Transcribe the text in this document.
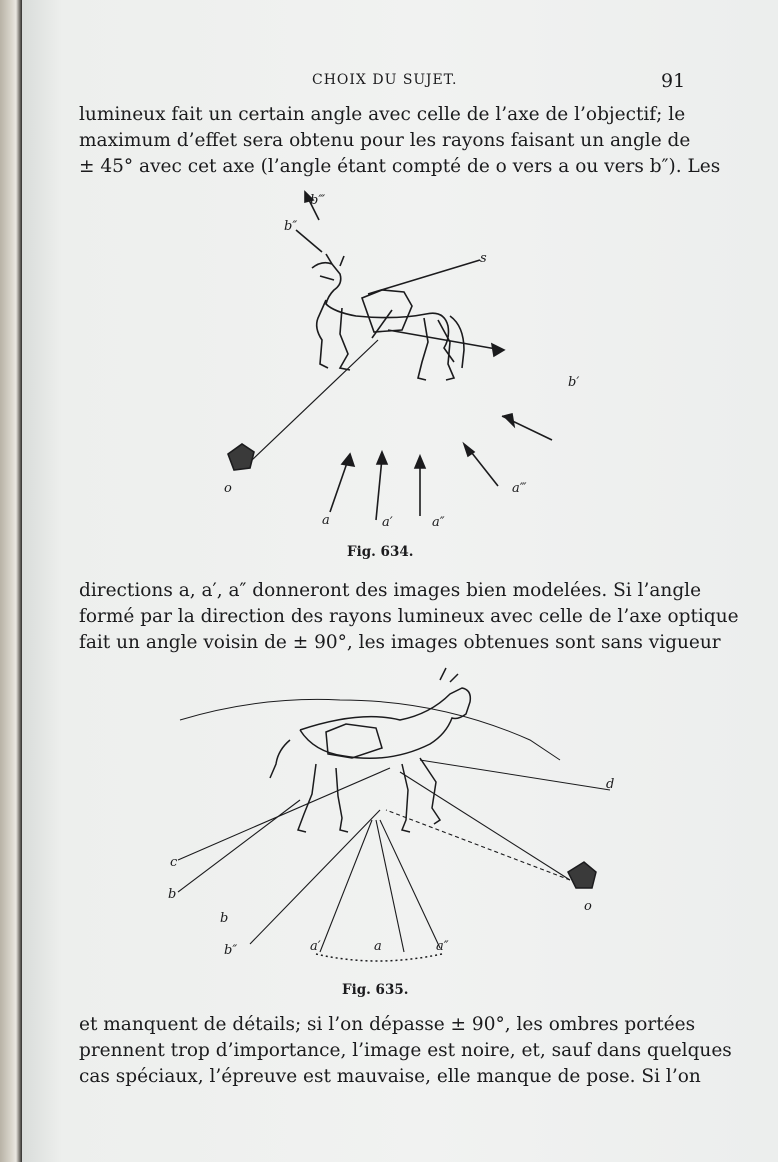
CHOIX DU SUJET.	91
lumineux fait un certain angle avec celle de l’axe de l’objectif; le
maximum d’effet sera obtenu pour les rayons faisant un angle de
± 45° avec cet axe (l’angle étant compté de o vers a ou vers b″). Les
b‴
b″
s
b′
o
a	a′	a″
a‴
Fig. 634.
directions a, a′, a″ donneront des images bien modelées. Si l’angle
formé par la direction des rayons lumineux avec celle de l’axe optique
fait un angle voisin de ± 90°, les images obtenues sont sans vigueur
d
c
b
b
b″	a′	a	a″
o
Fig. 635.
et manquent de détails; si l’on dépasse ± 90°, les ombres portées
prennent trop d’importance, l’image est noire, et, sauf dans quelques
cas spéciaux, l’épreuve est mauvaise, elle manque de pose. Si l’on
